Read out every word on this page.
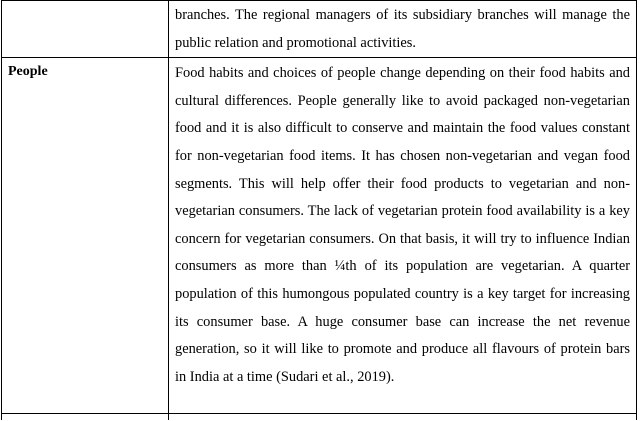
	branches. The regional managers of its subsidiary branches will manage the public relation and promotional activities.

People	Food habits and choices of people change depending on their food habits and cultural differences. People generally like to avoid packaged non-vegetarian food and it is also difficult to conserve and maintain the food values constant for non-vegetarian food items. It has chosen non-vegetarian and vegan food segments. This will help offer their food products to vegetarian and non-vegetarian consumers. The lack of vegetarian protein food availability is a key concern for vegetarian consumers. On that basis, it will try to influence Indian consumers as more than ¼th of its population are vegetarian. A quarter population of this humongous populated country is a key target for increasing its consumer base. A huge consumer base can increase the net revenue generation, so it will like to promote and produce all flavours of protein bars in India at a time (Sudari et al., 2019).
